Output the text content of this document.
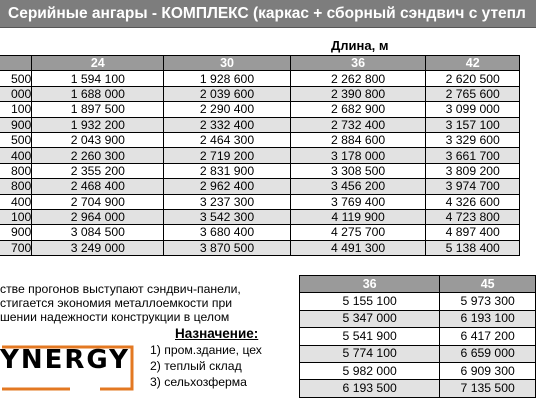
Серийные ангары - КОМПЛЕКС (каркас + сборный сэндвич с утепл
Длина, м
	24	30	36	42
500	1 594 100	1 928 600	2 262 800	2 620 500
000	1 688 000	2 039 600	2 390 800	2 765 600
100	1 897 500	2 290 400	2 682 900	3 099 000
900	1 932 200	2 332 400	2 732 400	3 157 100
500	2 043 900	2 464 300	2 884 600	3 329 600
400	2 260 300	2 719 200	3 178 000	3 661 700
800	2 355 200	2 831 900	3 308 500	3 809 200
800	2 468 400	2 962 400	3 456 200	3 974 700
400	2 704 900	3 237 300	3 769 400	4 326 600
100	2 964 000	3 542 300	4 119 900	4 723 800
900	3 084 500	3 680 400	4 275 700	4 897 400
700	3 249 000	3 870 500	4 491 300	5 138 400
стве прогонов выступают сэндвич-панели,
стигается экономия металлоемкости при
шении надежности конструкции в целом
YNERGY
Назначение:
1) пром.здание, цех
2) теплый склад
3) сельхозферма
36	45
5 155 100	5 973 300
5 347 000	6 193 100
5 541 900	6 417 200
5 774 100	6 659 000
5 982 000	6 909 300
6 193 500	7 135 500
